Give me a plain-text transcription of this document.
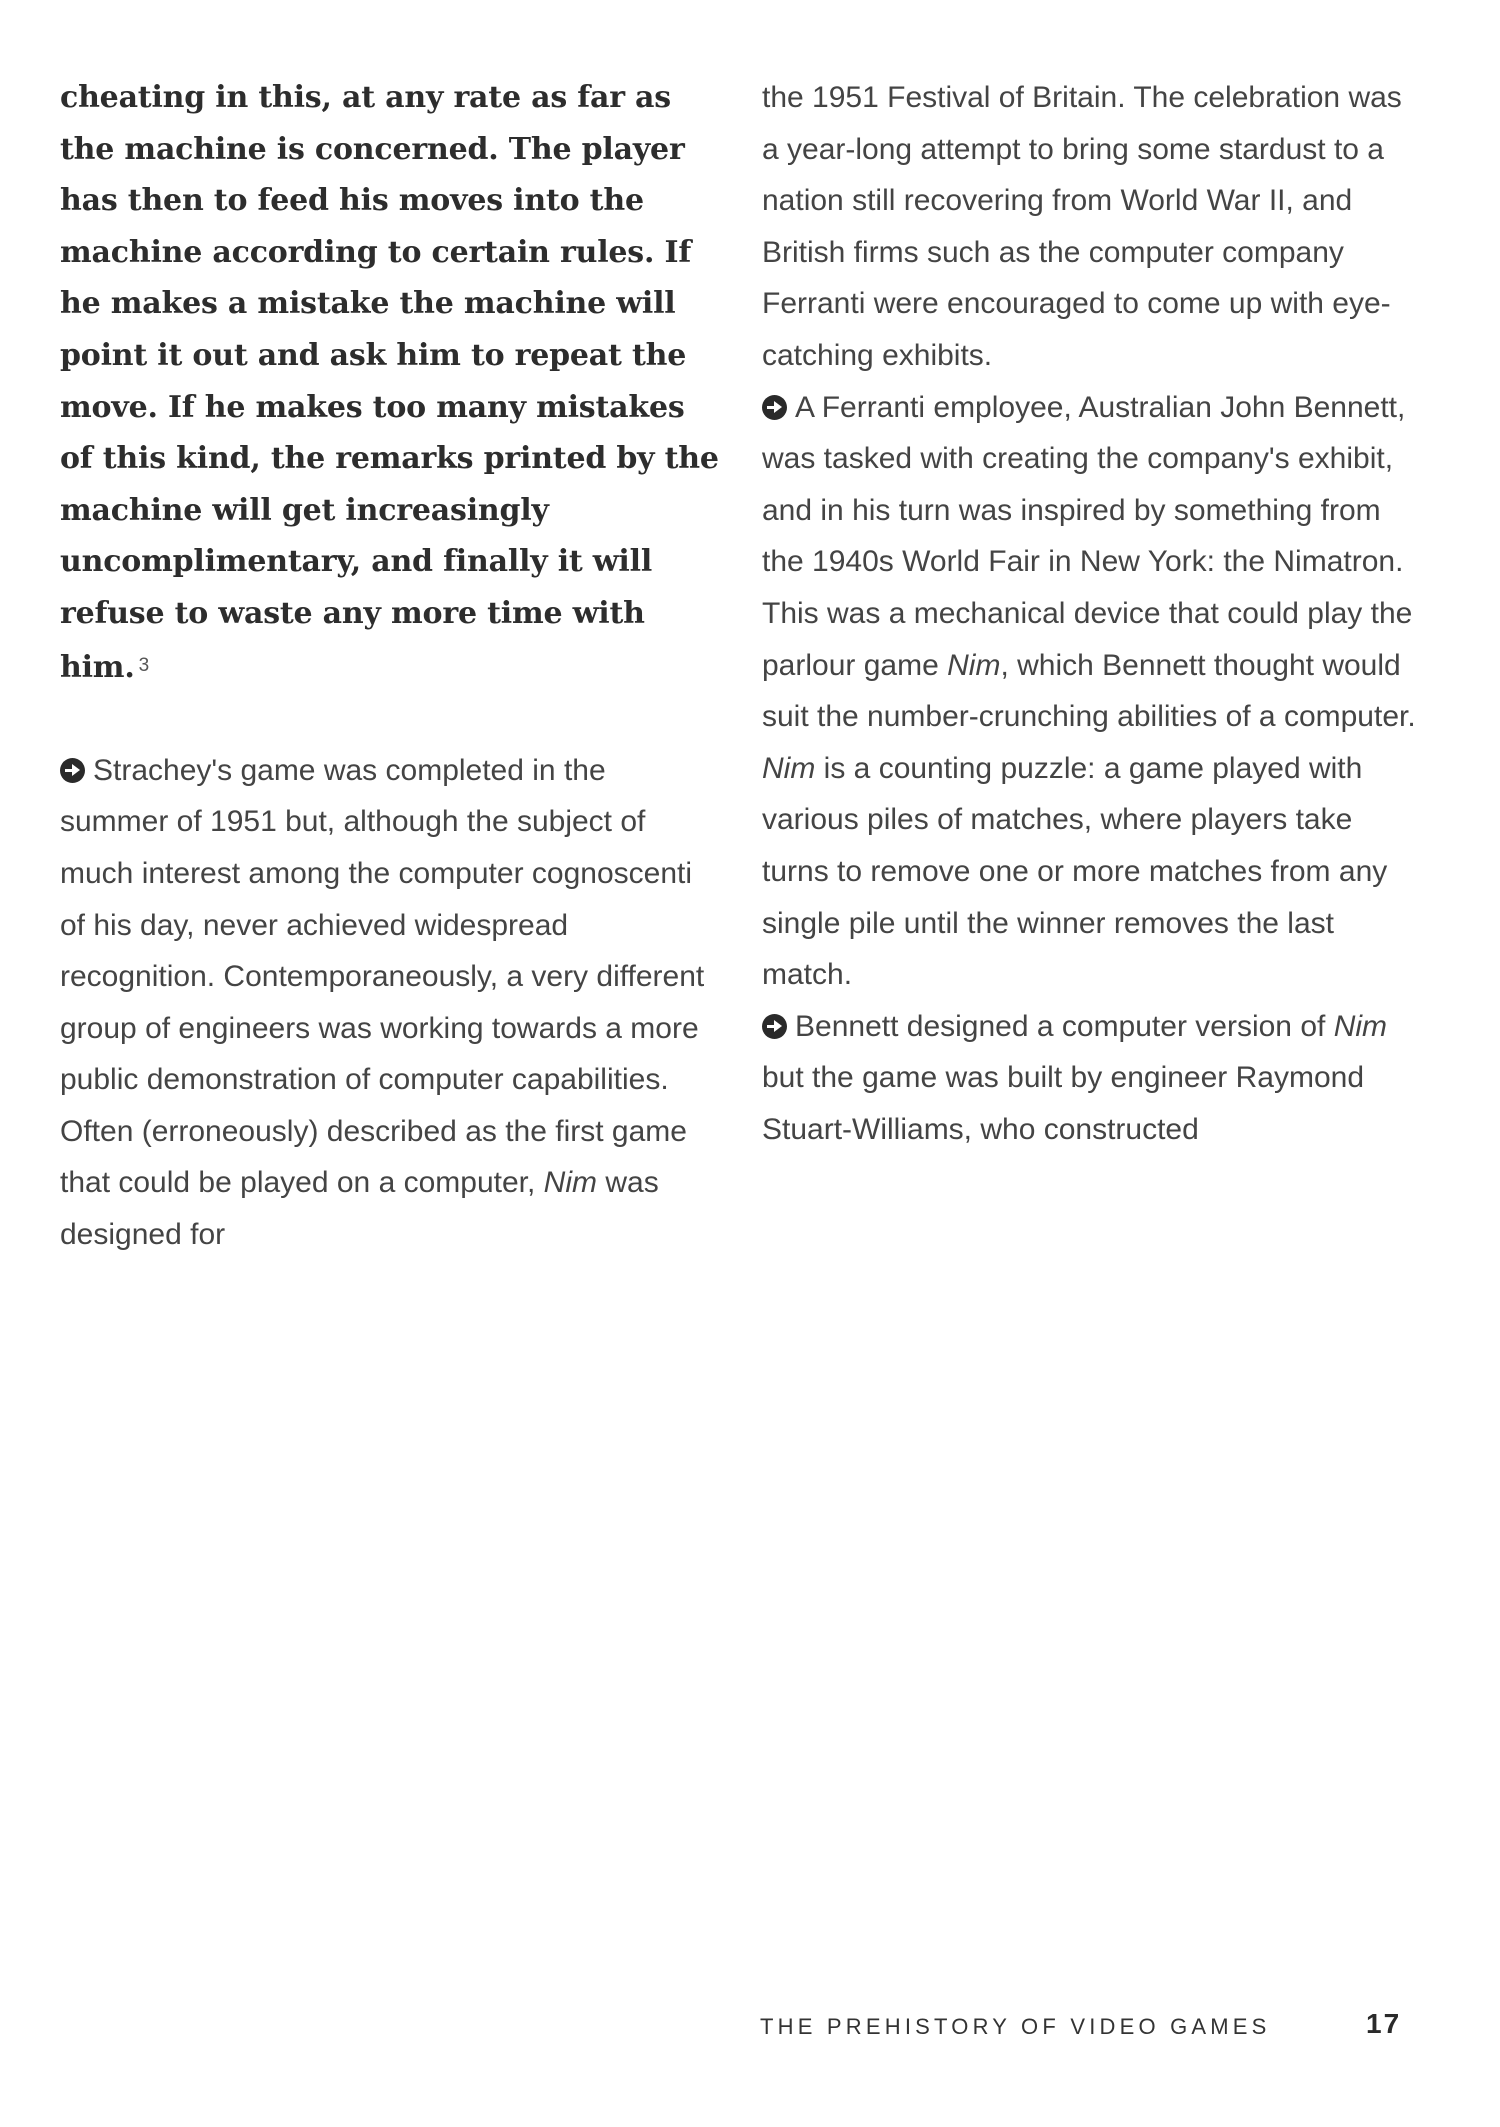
cheating in this, at any rate as far as the machine is concerned. The player has then to feed his moves into the machine according to certain rules. If he makes a mistake the machine will point it out and ask him to repeat the move. If he makes too many mistakes of this kind, the remarks printed by the machine will get increasingly uncomplimentary, and finally it will refuse to waste any more time with him. $^3$

Strachey's game was completed in the summer of 1951 but, although the subject of much interest among the computer cognoscenti of his day, never achieved widespread recognition. Contemporaneously, a very different group of engineers was working towards a more public demonstration of computer capabilities. Often (erroneously) described as the first game that could be played on a computer, Nim was designed for

the 1951 Festival of Britain. The celebration was a year-long attempt to bring some stardust to a nation still recovering from World War II, and British firms such as the computer company Ferranti were encouraged to come up with eye-catching exhibits.

A Ferranti employee, Australian John Bennett, was tasked with creating the company's exhibit, and in his turn was inspired by something from the 1940s World Fair in New York: the Nimatron. This was a mechanical device that could play the parlour game Nim, which Bennett thought would suit the number-crunching abilities of a computer. Nim is a counting puzzle: a game played with various piles of matches, where players take turns to remove one or more matches from any single pile until the winner removes the last match.

Bennett designed a computer version of Nim but the game was built by engineer Raymond Stuart-Williams, who constructed

THE PREHISTORY OF VIDEO GAMES	17
